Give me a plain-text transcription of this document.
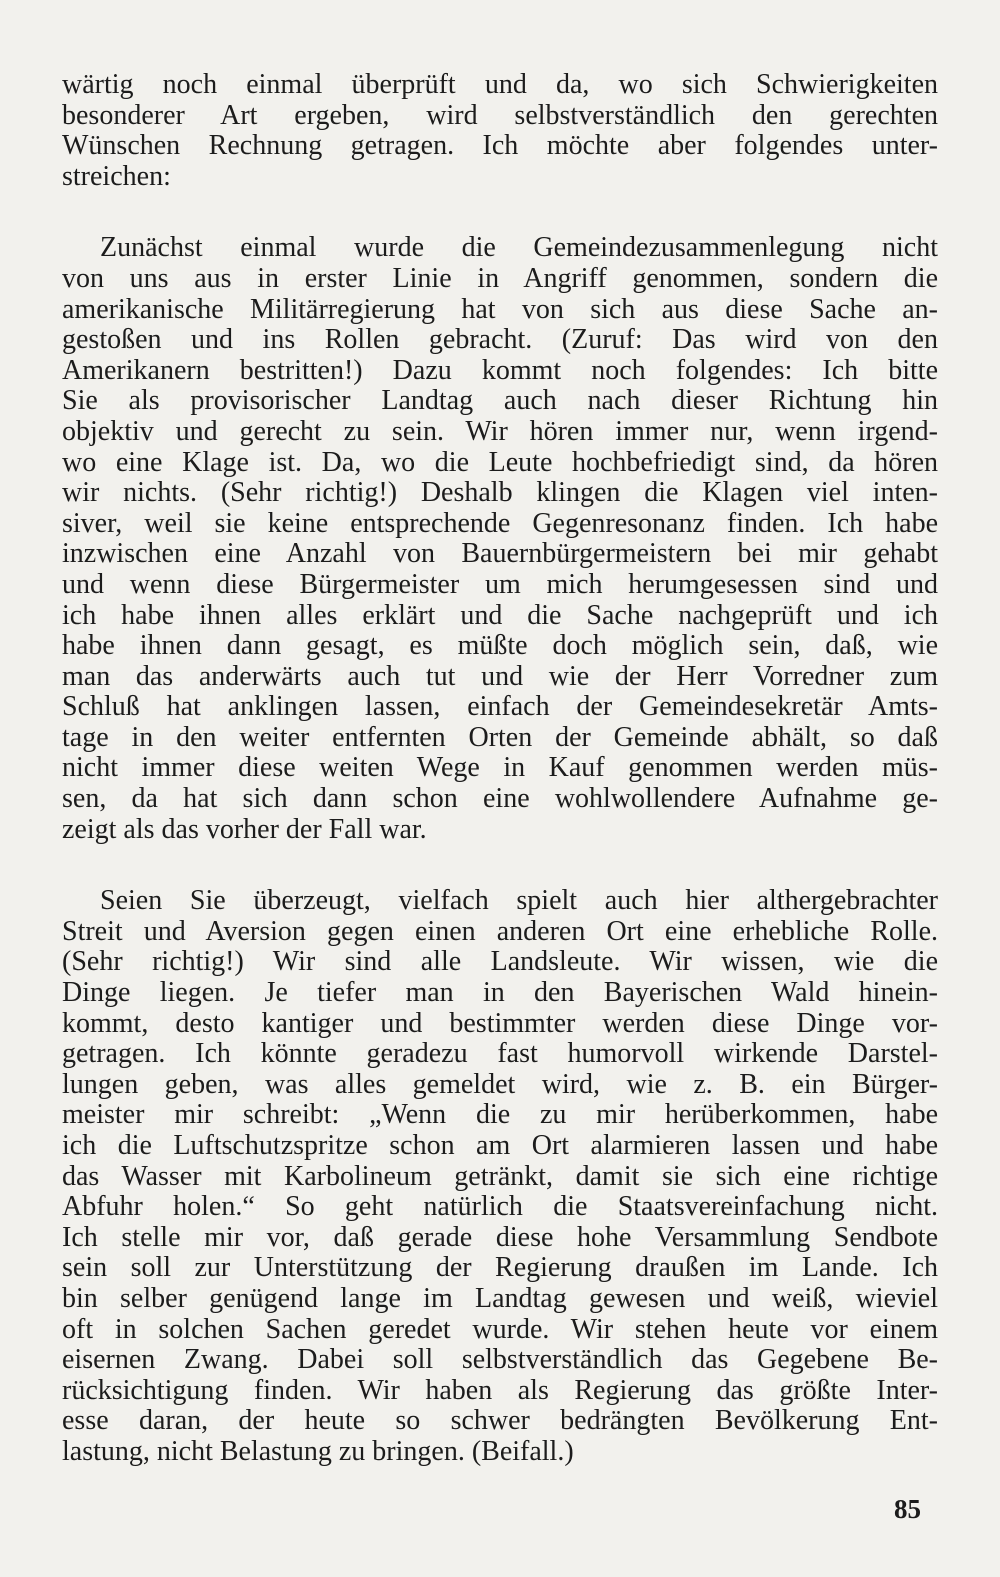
wärtig noch einmal überprüft und da, wo sich Schwierigkeiten
besonderer Art ergeben, wird selbstverständlich den gerechten
Wünschen Rechnung getragen. Ich möchte aber folgendes unter-
streichen:
Zunächst einmal wurde die Gemeindezusammenlegung nicht
von uns aus in erster Linie in Angriff genommen, sondern die
amerikanische Militärregierung hat von sich aus diese Sache an-
gestoßen und ins Rollen gebracht. (Zuruf: Das wird von den
Amerikanern bestritten!) Dazu kommt noch folgendes: Ich bitte
Sie als provisorischer Landtag auch nach dieser Richtung hin
objektiv und gerecht zu sein. Wir hören immer nur, wenn irgend-
wo eine Klage ist. Da, wo die Leute hochbefriedigt sind, da hören
wir nichts. (Sehr richtig!) Deshalb klingen die Klagen viel inten-
siver, weil sie keine entsprechende Gegenresonanz finden. Ich habe
inzwischen eine Anzahl von Bauernbürgermeistern bei mir gehabt
und wenn diese Bürgermeister um mich herumgesessen sind und
ich habe ihnen alles erklärt und die Sache nachgeprüft und ich
habe ihnen dann gesagt, es müßte doch möglich sein, daß, wie
man das anderwärts auch tut und wie der Herr Vorredner zum
Schluß hat anklingen lassen, einfach der Gemeindesekretär Amts-
tage in den weiter entfernten Orten der Gemeinde abhält, so daß
nicht immer diese weiten Wege in Kauf genommen werden müs-
sen, da hat sich dann schon eine wohlwollendere Aufnahme ge-
zeigt als das vorher der Fall war.
Seien Sie überzeugt, vielfach spielt auch hier althergebrachter
Streit und Aversion gegen einen anderen Ort eine erhebliche Rolle.
(Sehr richtig!) Wir sind alle Landsleute. Wir wissen, wie die
Dinge liegen. Je tiefer man in den Bayerischen Wald hinein-
kommt, desto kantiger und bestimmter werden diese Dinge vor-
getragen. Ich könnte geradezu fast humorvoll wirkende Darstel-
lungen geben, was alles gemeldet wird, wie z. B. ein Bürger-
meister mir schreibt: „Wenn die zu mir herüberkommen, habe
ich die Luftschutzspritze schon am Ort alarmieren lassen und habe
das Wasser mit Karbolineum getränkt, damit sie sich eine richtige
Abfuhr holen.“ So geht natürlich die Staatsvereinfachung nicht.
Ich stelle mir vor, daß gerade diese hohe Versammlung Sendbote
sein soll zur Unterstützung der Regierung draußen im Lande. Ich
bin selber genügend lange im Landtag gewesen und weiß, wieviel
oft in solchen Sachen geredet wurde. Wir stehen heute vor einem
eisernen Zwang. Dabei soll selbstverständlich das Gegebene Be-
rücksichtigung finden. Wir haben als Regierung das größte Inter-
esse daran, der heute so schwer bedrängten Bevölkerung Ent-
lastung, nicht Belastung zu bringen. (Beifall.)
85
